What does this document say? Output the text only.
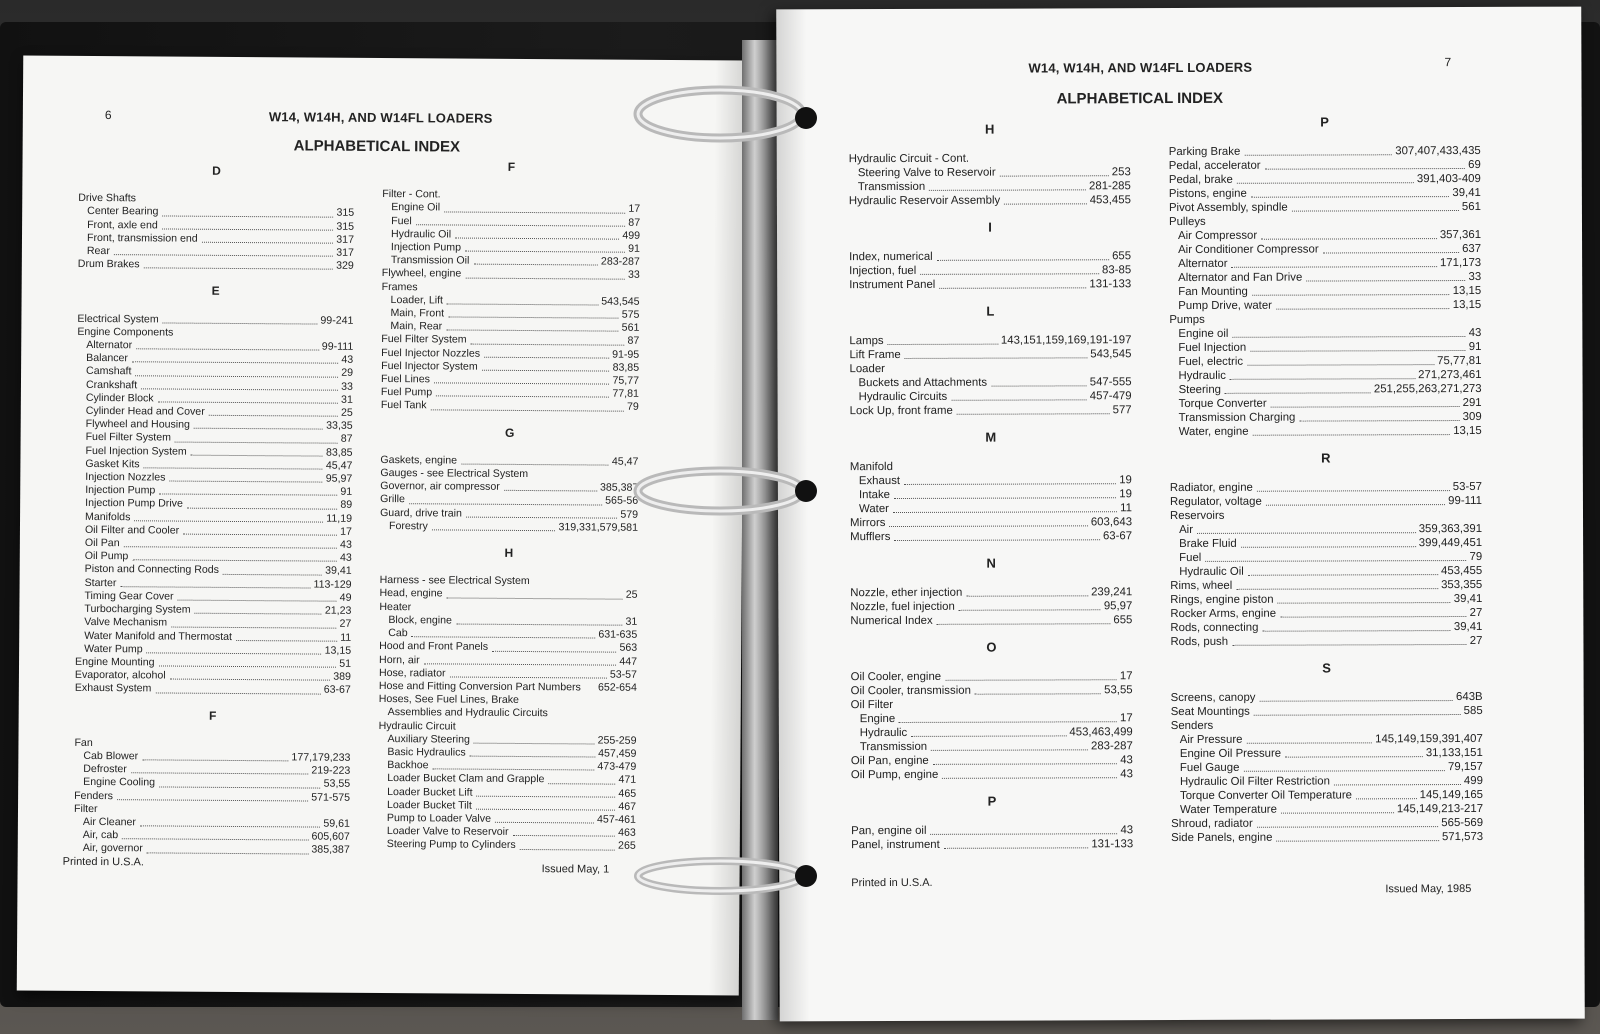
6	W14, W14H, AND W14FL LOADERS
ALPHABETICAL INDEX
D
Drive Shafts
Center Bearing	315
Front, axle end	315
Front, transmission end	317
Rear	317
Drum Brakes	329
E
Electrical System	99-241
Engine Components
Alternator	99-111
Balancer	43
Camshaft	29
Crankshaft	33
Cylinder Block	31
Cylinder Head and Cover	25
Flywheel and Housing	33,35
Fuel Filter System	87
Fuel Injection System	83,85
Gasket Kits	45,47
Injection Nozzles	95,97
Injection Pump	91
Injection Pump Drive	89
Manifolds	11,19
Oil Filter and Cooler	17
Oil Pan	43
Oil Pump	43
Piston and Connecting Rods	39,41
Starter	113-129
Timing Gear Cover	49
Turbocharging System	21,23
Valve Mechanism	27
Water Manifold and Thermostat	11
Water Pump	13,15
Engine Mounting	51
Evaporator, alcohol	389
Exhaust System	63-67
F
Fan
Cab Blower	177,179,233
Defroster	219-223
Engine Cooling	53,55
Fenders	571-575
Filter
Air Cleaner	59,61
Air, cab	605,607
Air, governor	385,387
F
Filter - Cont.
Engine Oil	17
Fuel	87
Hydraulic Oil	499
Injection Pump	91
Transmission Oil	283-287
Flywheel, engine	33
Frames
Loader, Lift	543,545
Main, Front	575
Main, Rear	561
Fuel Filter System	87
Fuel Injector Nozzles	91-95
Fuel Injector System	83,85
Fuel Lines	75,77
Fuel Pump	77,81
Fuel Tank	79
G
Gaskets, engine	45,47
Gauges - see Electrical System
Governor, air compressor	385,387
Grille	565-56
Guard, drive train	579
Forestry	319,331,579,581
H
Harness - see Electrical System
Head, engine	25
Heater
Block, engine	31
Cab	631-635
Hood and Front Panels	563
Horn, air	447
Hose, radiator	53-57
Hose and Fitting Conversion Part Numbers 652-654
Hoses, See Fuel Lines, Brake
Assemblies and Hydraulic Circuits
Hydraulic Circuit
Auxiliary Steering	255-259
Basic Hydraulics	457,459
Backhoe	473-479
Loader Bucket Clam and Grapple	471
Loader Bucket Lift	465
Loader Bucket Tilt	467
Pump to Loader Valve	457-461
Loader Valve to Reservoir	463
Steering Pump to Cylinders	265
Printed in U.S.A.
Issued May, 1
W14, W14H, AND W14FL LOADERS	7
ALPHABETICAL INDEX
H
Hydraulic Circuit - Cont.
Steering Valve to Reservoir	253
Transmission	281-285
Hydraulic Reservoir Assembly	453,455
I
Index, numerical	655
Injection, fuel	83-85
Instrument Panel	131-133
L
Lamps	143,151,159,169,191-197
Lift Frame	543,545
Loader
Buckets and Attachments	547-555
Hydraulic Circuits	457-479
Lock Up, front frame	577
M
Manifold
Exhaust	19
Intake	19
Water	11
Mirrors	603,643
Mufflers	63-67
N
Nozzle, ether injection	239,241
Nozzle, fuel injection	95,97
Numerical Index	655
O
Oil Cooler, engine	17
Oil Cooler, transmission	53,55
Oil Filter
Engine	17
Hydraulic	453,463,499
Transmission	283-287
Oil Pan, engine	43
Oil Pump, engine	43
P
Pan, engine oil	43
Panel, instrument	131-133
P
Parking Brake	307,407,433,435
Pedal, accelerator	69
Pedal, brake	391,403-409
Pistons, engine	39,41
Pivot Assembly, spindle	561
Pulleys
Air Compressor	357,361
Air Conditioner Compressor	637
Alternator	171,173
Alternator and Fan Drive	33
Fan Mounting	13,15
Pump Drive, water	13,15
Pumps
Engine oil	43
Fuel Injection	91
Fuel, electric	75,77,81
Hydraulic	271,273,461
Steering	251,255,263,271,273
Torque Converter	291
Transmission Charging	309
Water, engine	13,15
R
Radiator, engine	53-57
Regulator, voltage	99-111
Reservoirs
Air	359,363,391
Brake Fluid	399,449,451
Fuel	79
Hydraulic Oil	453,455
Rims, wheel	353,355
Rings, engine piston	39,41
Rocker Arms, engine	27
Rods, connecting	39,41
Rods, push	27
S
Screens, canopy	643B
Seat Mountings	585
Senders
Air Pressure	145,149,159,391,407
Engine Oil Pressure	31,133,151
Fuel Gauge	79,157
Hydraulic Oil Filter Restriction	499
Torque Converter Oil Temperature	145,149,165
Water Temperature	145,149,213-217
Shroud, radiator	565-569
Side Panels, engine	571,573
Printed in U.S.A.	Issued May, 1985
